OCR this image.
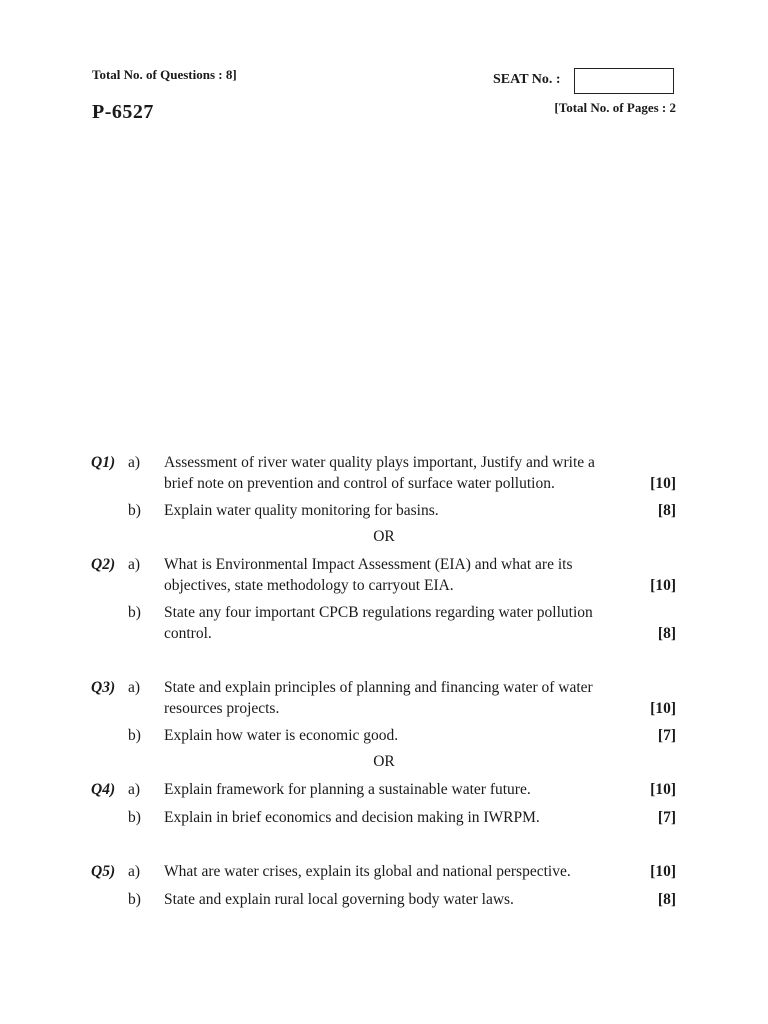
Total No. of Questions : 8]
P-6527
SEAT No. :
[Total No. of Pages : 2
Q1) a) Assessment of river water quality plays important, Justify and write a
brief note on prevention and control of surface water pollution.	[10]
b) Explain water quality monitoring for basins.	[8]
OR
Q2) a) What is Environmental Impact Assessment (EIA) and what are its
objectives, state methodology to carryout EIA.	[10]
b) State any four important CPCB regulations regarding water pollution
control.	[8]
Q3) a) State and explain principles of planning and financing water of water
resources projects.	[10]
b) Explain how water is economic good.	[7]
OR
Q4) a) Explain framework for planning a sustainable water future.	[10]
b) Explain in brief economics and decision making in IWRPM.	[7]
Q5) a) What are water crises, explain its global and national perspective.	[10]
b) State and explain rural local governing body water laws.	[8]
